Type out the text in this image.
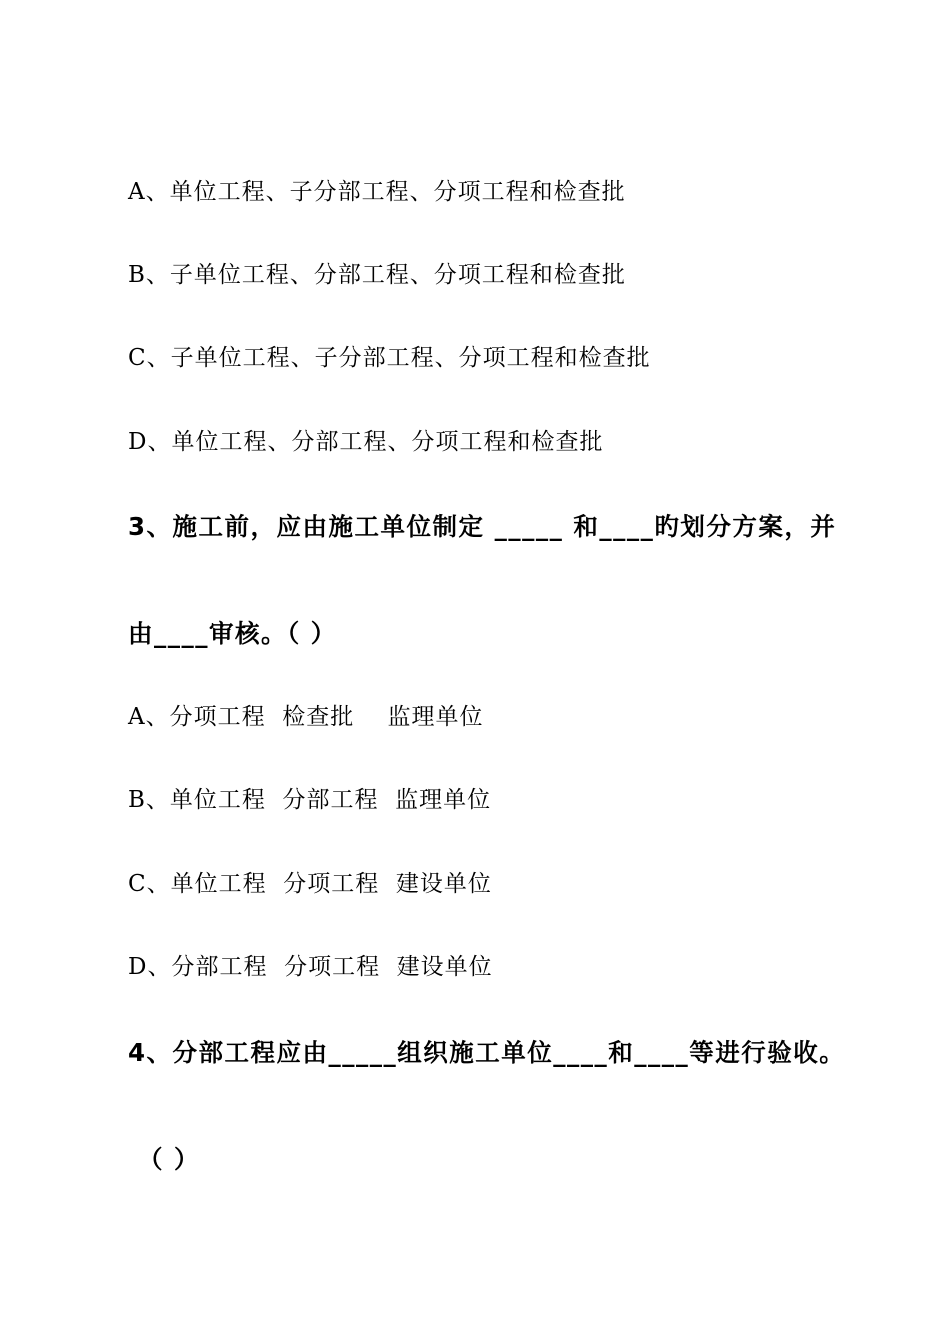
A、单位工程、子分部工程、分项工程和检查批
B、子单位工程、分部工程、分项工程和检查批
C、子单位工程、子分部工程、分项工程和检查批
D、单位工程、分部工程、分项工程和检查批
3、施工前，应由施工单位制定 _____ 和____旳划分方案，并
由____审核。（ ）
A、分项工程  检查批    监理单位
B、单位工程  分部工程  监理单位
C、单位工程  分项工程  建设单位
D、分部工程  分项工程  建设单位
4、分部工程应由_____组织施工单位____和____等进行验收。
（ ）
